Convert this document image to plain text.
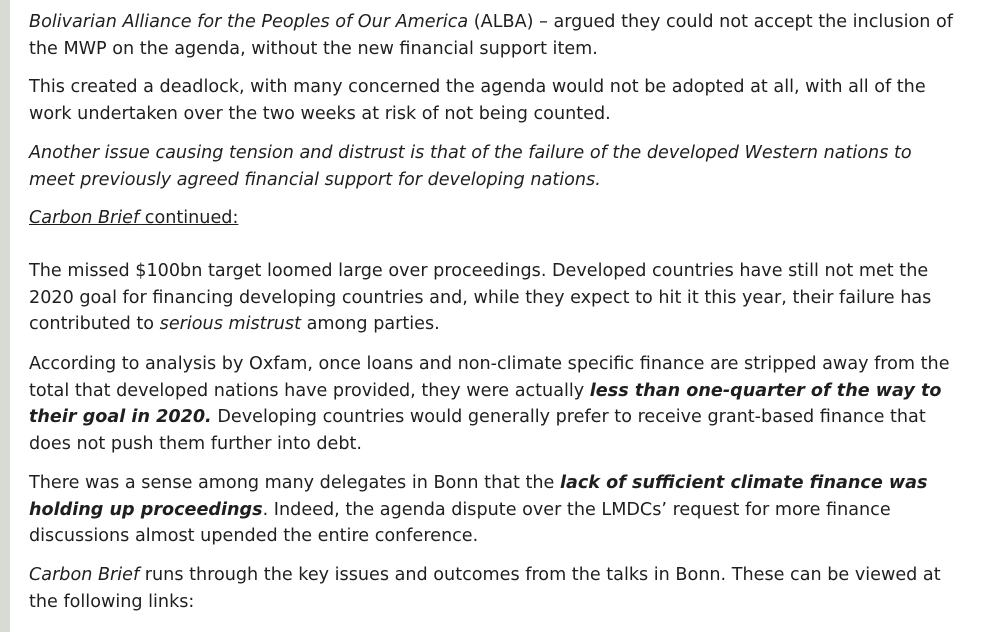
Bolivarian Alliance for the Peoples of Our America (ALBA) – argued they could not accept the inclusion of the MWP on the agenda, without the new financial support item.

This created a deadlock, with many concerned the agenda would not be adopted at all, with all of the work undertaken over the two weeks at risk of not being counted.

Another issue causing tension and distrust is that of the failure of the developed Western nations to meet previously agreed financial support for developing nations.

Carbon Brief continued:

The missed $100bn target loomed large over proceedings. Developed countries have still not met the 2020 goal for financing developing countries and, while they expect to hit it this year, their failure has contributed to serious mistrust among parties.

According to analysis by Oxfam, once loans and non-climate specific finance are stripped away from the total that developed nations have provided, they were actually less than one-quarter of the way to their goal in 2020. Developing countries would generally prefer to receive grant-based finance that does not push them further into debt.

There was a sense among many delegates in Bonn that the lack of sufficient climate finance was holding up proceedings. Indeed, the agenda dispute over the LMDCs’ request for more finance discussions almost upended the entire conference.

Carbon Brief runs through the key issues and outcomes from the talks in Bonn. These can be viewed at the following links:
